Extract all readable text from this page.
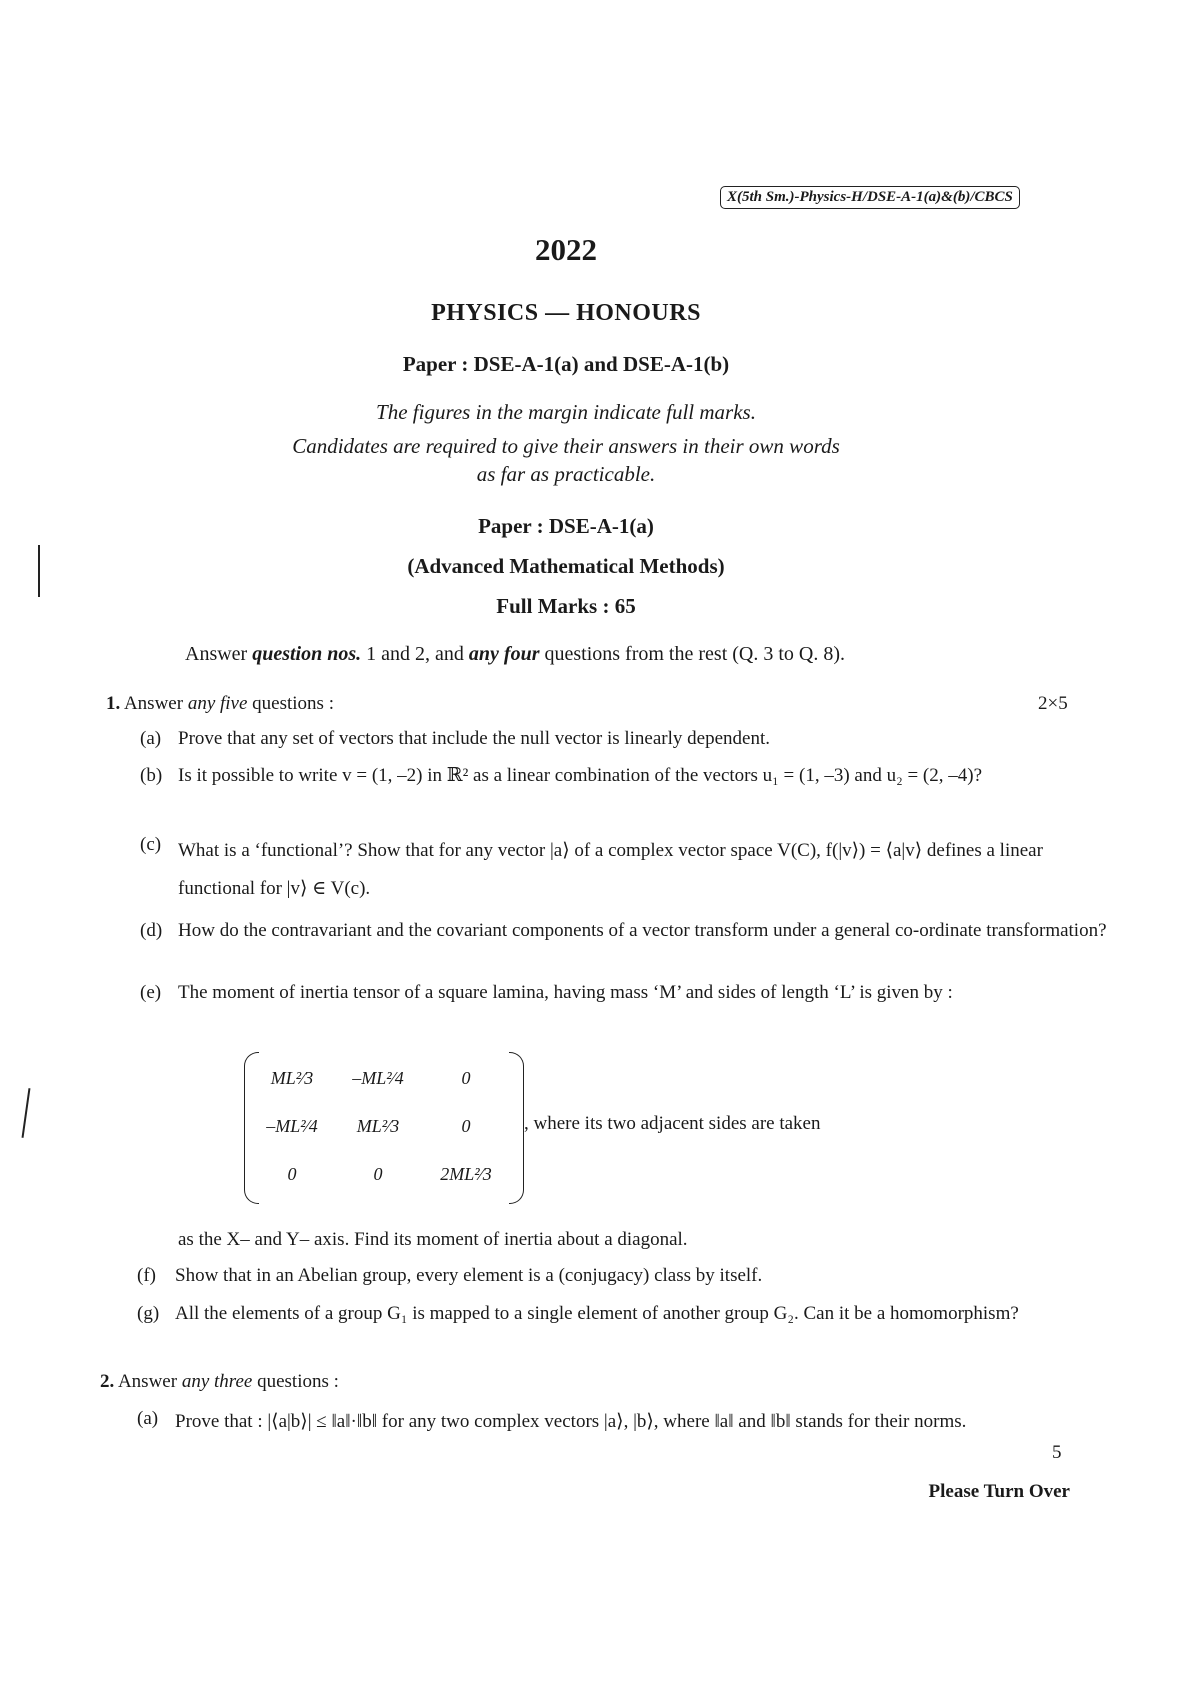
X(5th Sm.)-Physics-H/DSE-A-1(a)&(b)/CBCS
2022
PHYSICS — HONOURS
Paper : DSE-A-1(a) and DSE-A-1(b)
The figures in the margin indicate full marks.
Candidates are required to give their answers in their own words
as far as practicable.
Paper : DSE-A-1(a)
(Advanced Mathematical Methods)
Full Marks : 65
Answer question nos. 1 and 2, and any four questions from the rest (Q. 3 to Q. 8).
1. Answer any five questions :	2×5
(a) Prove that any set of vectors that include the null vector is linearly dependent.
(b) Is it possible to write v = (1, –2) in ℝ² as a linear combination of the vectors u₁ = (1, –3) and u₂ = (2, –4)?
(c) What is a ‘functional’? Show that for any vector |a⟩ of a complex vector space V(C), f(|v⟩) = ⟨a|v⟩ defines a linear functional for |v⟩ ∈ V(c).
(d) How do the contravariant and the covariant components of a vector transform under a general co-ordinate transformation?
(e) The moment of inertia tensor of a square lamina, having mass ‘M’ and sides of length ‘L’ is given by :
ML²⁄3	–ML²⁄4	0
–ML²⁄4	ML²⁄3	0
0	0	2ML²⁄3
, where its two adjacent sides are taken
as the X– and Y– axis. Find its moment of inertia about a diagonal.
(f) Show that in an Abelian group, every element is a (conjugacy) class by itself.
(g) All the elements of a group G₁ is mapped to a single element of another group G₂. Can it be a homomorphism?
2. Answer any three questions :
(a) Prove that : |⟨a|b⟩| ≤ ‖a‖·‖b‖ for any two complex vectors |a⟩, |b⟩, where ‖a‖ and ‖b‖ stands for their norms.
5
Please Turn Over
